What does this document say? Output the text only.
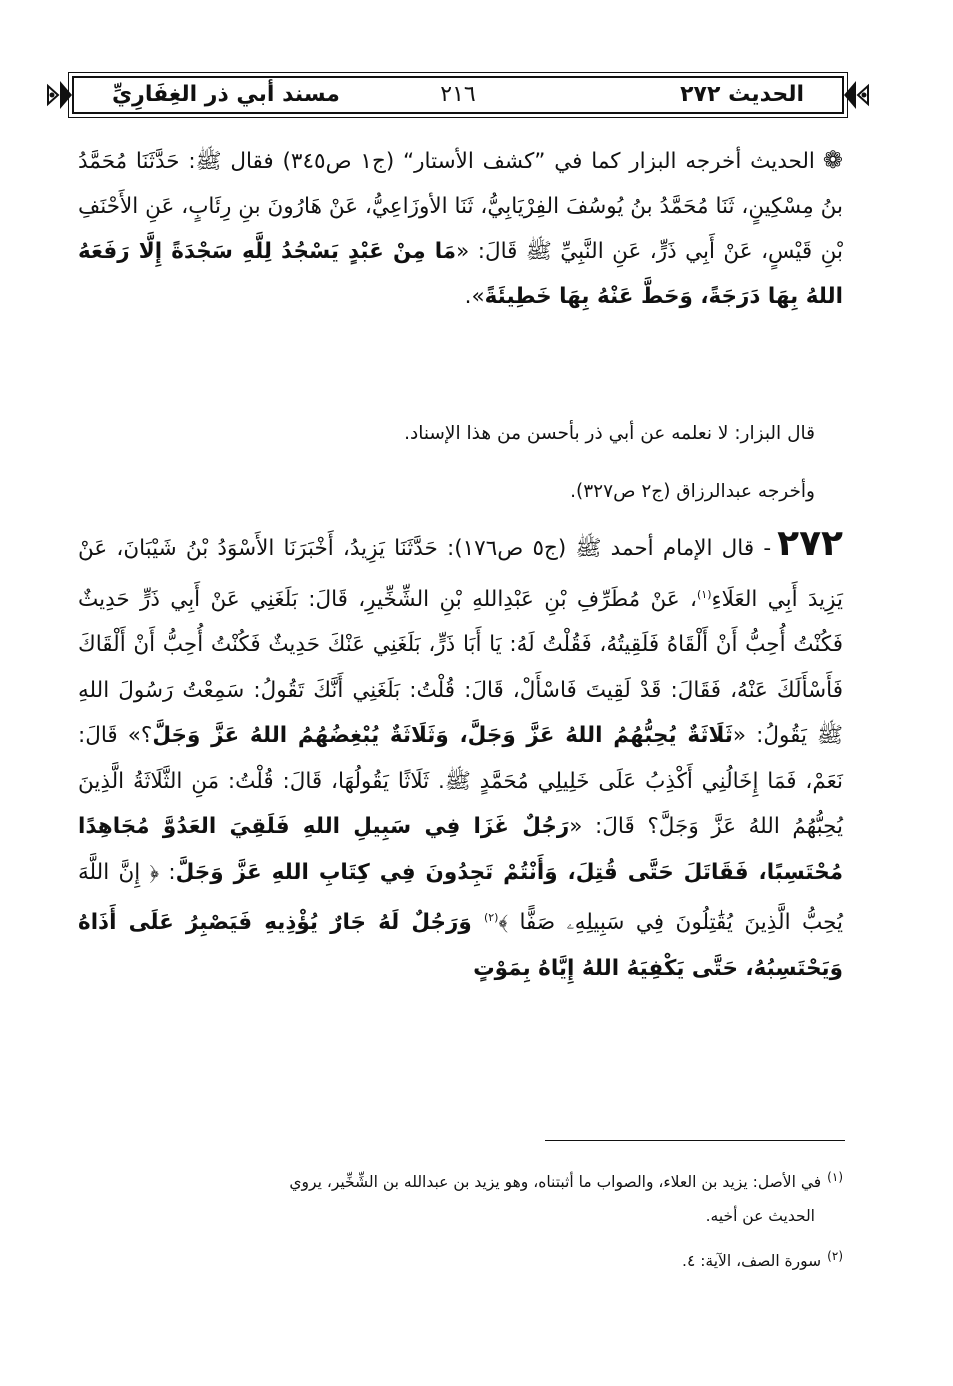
الحديث ٢٧٢
٢١٦
مسند أبي ذر الغِفَارِيِّ
❁الحديث أخرجه البزار كما في ”كشف الأستار“ (ج١ ص٣٤٥) فقال ﷺ: حَدَّثَنَا مُحَمَّدُ بنُ مِسْكِينٍ، ثَنَا مُحَمَّدُ بنُ يُوسُفَ الفِرْيَابِيُّ، ثَنَا الأوزَاعِيُّ، عَنْ هَارُونَ بنِ رِئَابٍ، عَنِ الأَحْنَفِ بْنِ قَيْسٍ، عَنْ أَبِي ذَرٍّ، عَنِ النَّبِيِّ ﷺ قَالَ: «مَا مِنْ عَبْدٍ يَسْجُدُ لِلَّهِ سَجْدَةً إِلَّا رَفَعَهُ اللهُ بِهَا دَرَجَةً، وَحَطَّ عَنْهُ بِهَا خَطِيئَةً».
قال البزار: لا نعلمه عن أبي ذر بأحسن من هذا الإسناد.
وأخرجه عبدالرزاق (ج٢ ص٣٢٧).
٢٧٢- قال الإمام أحمد ﷺ (ج٥ ص١٧٦): حَدَّثَنَا يَزِيدُ، أَخْبَرَنَا الأَسْوَدُ بْنُ شَيْبَانَ، عَنْ يَزِيدَ أَبِي العَلَاءِ$^{(١)}$، عَنْ مُطَرِّفِ بْنِ عَبْدِاللهِ بْنِ الشِّخِّيرِ، قَالَ: بَلَغَنِي عَنْ أَبِي ذَرٍّ حَدِيثٌ فَكُنْتُ أُحِبُّ أَنْ أَلْقَاهُ فَلَقِيتُهُ، فَقُلْتُ لَهُ: يَا أَبَا ذَرٍّ، بَلَغَنِي عَنْكَ حَدِيثٌ فَكُنْتُ أُحِبُّ أَنْ أَلْقَاكَ فَأَسْأَلَكَ عَنْهُ، فَقَالَ: قَدْ لَقِيتَ فَاسْأَلْ، قَالَ: قُلْتُ: بَلَغَنِي أَنَّكَ تَقُولُ: سَمِعْتُ رَسُولَ اللهِ ﷺ يَقُولُ: «ثَلَاثَةٌ يُحِبُّهُمُ اللهُ عَزَّ وَجَلَّ، وَثَلَاثَةٌ يُبْغِضُهُمُ اللهُ عَزَّ وَجَلَّ؟» قَالَ: نَعَمْ، فَمَا إِخَالُنِي أَكْذِبُ عَلَى خَلِيلِي مُحَمَّدٍ ﷺ. ثَلَاثًا يَقُولُهَا، قَالَ: قُلْتُ: مَنِ الثَّلَاثَةُ الَّذِينَ يُحِبُّهُمُ اللهُ عَزَّ وَجَلَّ؟ قَالَ: «رَجُلٌ غَزَا فِي سَبِيلِ اللهِ فَلَقِيَ العَدُوَّ مُجَاهِدًا مُحْتَسِبًا، فَقَاتَلَ حَتَّى قُتِلَ، وَأَنْتُمْ تَجِدُونَ فِي كِتَابِ اللهِ عَزَّ وَجَلَّ: ﴿ إِنَّ اللَّهَ يُحِبُّ الَّذِينَ يُقَٰتِلُونَ فِي سَبِيلِهِۦ صَفًّا ﴾$^{(٢)}$ وَرَجُلٌ لَهُ جَارٌ يُؤْذِيهِ فَيَصْبِرُ عَلَى أَذَاهُ وَيَحْتَسِبُهُ، حَتَّى يَكْفِيَهُ اللهُ إِيَّاهُ بِمَوْتٍ
$^{(١)}$في الأصل: يزيد بن العلاء، والصواب ما أثبتناه، وهو يزيد بن عبدالله بن الشِّخِّير، يروي
الحديث عن أخيه.
$^{(٢)}$سورة الصف، الآية: ٤.
